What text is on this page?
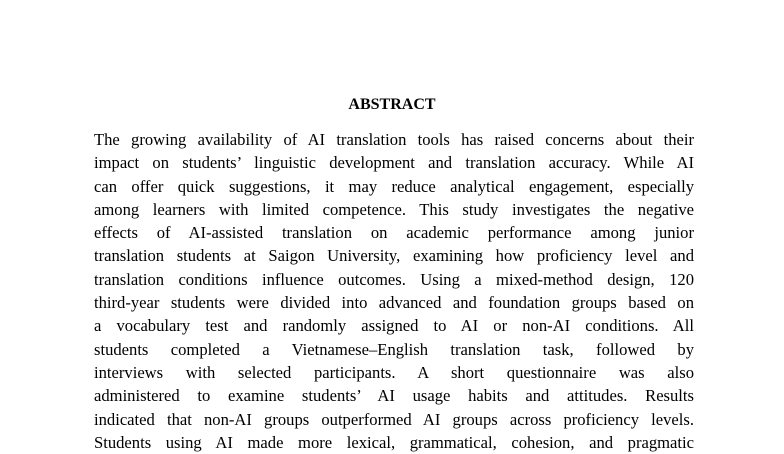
ABSTRACT
The growing availability of AI translation tools has raised concerns about their
impact on students’ linguistic development and translation accuracy. While AI
can offer quick suggestions, it may reduce analytical engagement, especially
among learners with limited competence. This study investigates the negative
effects of AI-assisted translation on academic performance among junior
translation students at Saigon University, examining how proficiency level and
translation conditions influence outcomes. Using a mixed-method design, 120
third-year students were divided into advanced and foundation groups based on
a vocabulary test and randomly assigned to AI or non-AI conditions. All
students completed a Vietnamese–English translation task, followed by
interviews with selected participants. A short questionnaire was also
administered to examine students’ AI usage habits and attitudes. Results
indicated that non-AI groups outperformed AI groups across proficiency levels.
Students using AI made more lexical, grammatical, cohesion, and pragmatic
